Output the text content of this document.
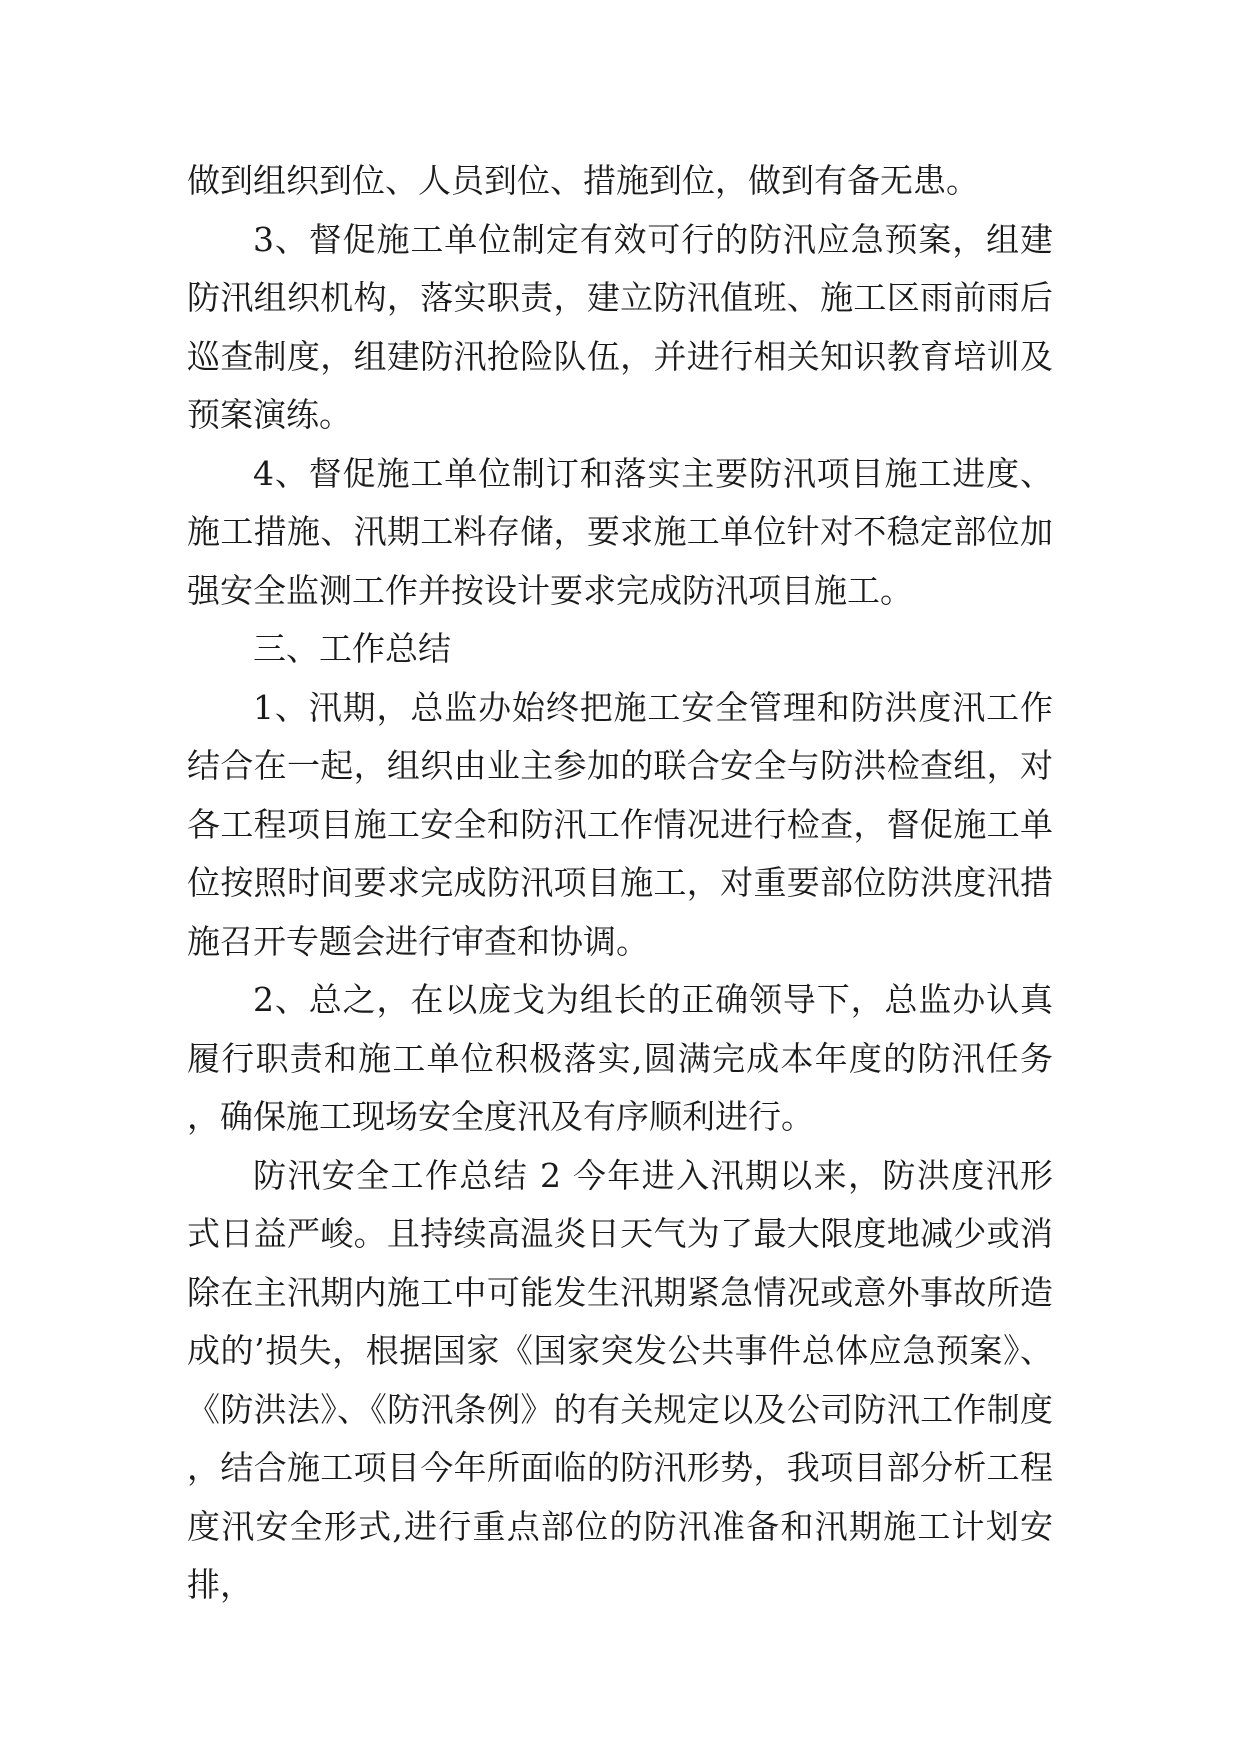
做到组织到位、人员到位、措施到位，做到有备无患。

3、督促施工单位制定有效可行的防汛应急预案，组建防汛组织机构，落实职责，建立防汛值班、施工区雨前雨后巡查制度，组建防汛抢险队伍，并进行相关知识教育培训及预案演练。

4、督促施工单位制订和落实主要防汛项目施工进度、施工措施、汛期工料存储，要求施工单位针对不稳定部位加强安全监测工作并按设计要求完成防汛项目施工。

三、工作总结

1、汛期，总监办始终把施工安全管理和防洪度汛工作结合在一起，组织由业主参加的联合安全与防洪检查组，对各工程项目施工安全和防汛工作情况进行检查，督促施工单位按照时间要求完成防汛项目施工，对重要部位防洪度汛措施召开专题会进行审查和协调。

2、总之，在以庞戈为组长的正确领导下，总监办认真履行职责和施工单位积极落实,圆满完成本年度的防汛任务，确保施工现场安全度汛及有序顺利进行。

防汛安全工作总结 2 今年进入汛期以来，防洪度汛形式日益严峻。且持续高温炎日天气为了最大限度地减少或消除在主汛期内施工中可能发生汛期紧急情况或意外事故所造成的’损失，根据国家《国家突发公共事件总体应急预案》、《防洪法》、《防汛条例》的有关规定以及公司防汛工作制度，结合施工项目今年所面临的防汛形势，我项目部分析工程度汛安全形式,进行重点部位的防汛准备和汛期施工计划安排，
